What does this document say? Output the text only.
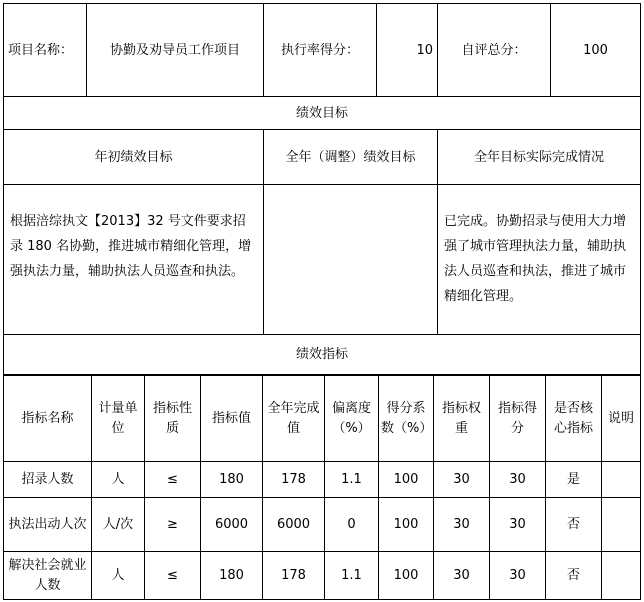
项目名称：	协勤及劝导员工作项目	执行率得分：	10	自评总分：	100
绩效目标					
年初绩效目标		全年（调整）绩效目标		全年目标实际完成情况	
根据涪综执文【2013】32 号文件要求招录 180 名协勤，推进城市精细化管理，增强执法力量，辅助执法人员巡查和执法。				已完成。协勤招录与使用大力增强了城市管理执法力量，辅助执法人员巡查和执法，推进了城市精细化管理。	
绩效指标					
指标名称	计量单位	指标性质	指标值	全年完成值	偏离度（%）	得分系数（%）	指标权重	指标得分	是否核心指标	说明
招录人数	人	≤	180	178	1.1	100	30	30	是	
执法出动人次	人/次	≥	6000	6000	0	100	30	30	否	
解决社会就业人数	人	≤	180	178	1.1	100	30	30	否	
